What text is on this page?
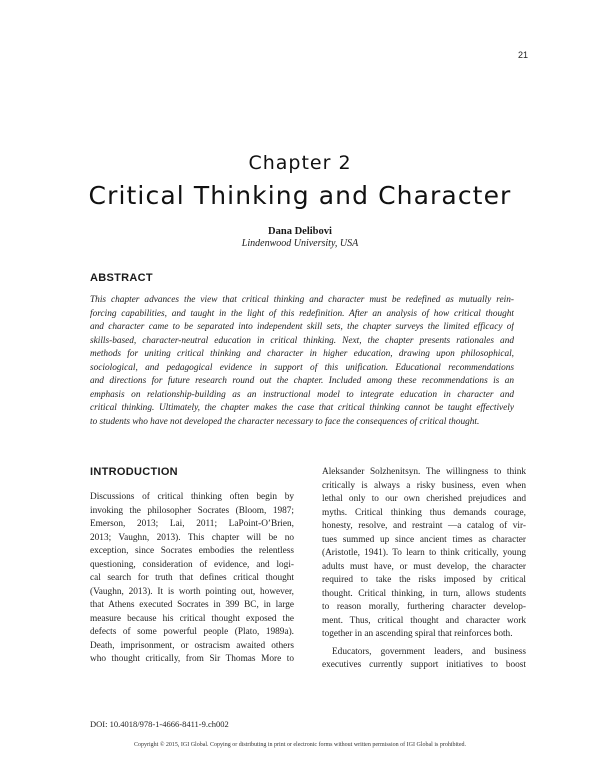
21
Chapter 2
Critical Thinking and Character
Dana Delibovi
Lindenwood University, USA
ABSTRACT
This chapter advances the view that critical thinking and character must be redefined as mutually rein-
forcing capabilities, and taught in the light of this redefinition. After an analysis of how critical thought
and character came to be separated into independent skill sets, the chapter surveys the limited efficacy of
skills-based, character-neutral education in critical thinking. Next, the chapter presents rationales and
methods for uniting critical thinking and character in higher education, drawing upon philosophical,
sociological, and pedagogical evidence in support of this unification. Educational recommendations
and directions for future research round out the chapter. Included among these recommendations is an
emphasis on relationship-building as an instructional model to integrate education in character and
critical thinking. Ultimately, the chapter makes the case that critical thinking cannot be taught effectively
to students who have not developed the character necessary to face the consequences of critical thought.
INTRODUCTION
Discussions of critical thinking often begin by
invoking the philosopher Socrates (Bloom, 1987;
Emerson, 2013; Lai, 2011; LaPoint-O’Brien,
2013; Vaughn, 2013). This chapter will be no
exception, since Socrates embodies the relentless
questioning, consideration of evidence, and logi-
cal search for truth that defines critical thought
(Vaughn, 2013). It is worth pointing out, however,
that Athens executed Socrates in 399 BC, in large
measure because his critical thought exposed the
defects of some powerful people (Plato, 1989a).
Death, imprisonment, or ostracism awaited others
who thought critically, from Sir Thomas More to
Aleksander Solzhenitsyn. The willingness to think
critically is always a risky business, even when
lethal only to our own cherished prejudices and
myths. Critical thinking thus demands courage,
honesty, resolve, and restraint —a catalog of vir-
tues summed up since ancient times as character
(Aristotle, 1941). To learn to think critically, young
adults must have, or must develop, the character
required to take the risks imposed by critical
thought. Critical thinking, in turn, allows students
to reason morally, furthering character develop-
ment. Thus, critical thought and character work
together in an ascending spiral that reinforces both.
Educators, government leaders, and business
executives currently support initiatives to boost
DOI: 10.4018/978-1-4666-8411-9.ch002
Copyright © 2015, IGI Global. Copying or distributing in print or electronic forms without written permission of IGI Global is prohibited.
